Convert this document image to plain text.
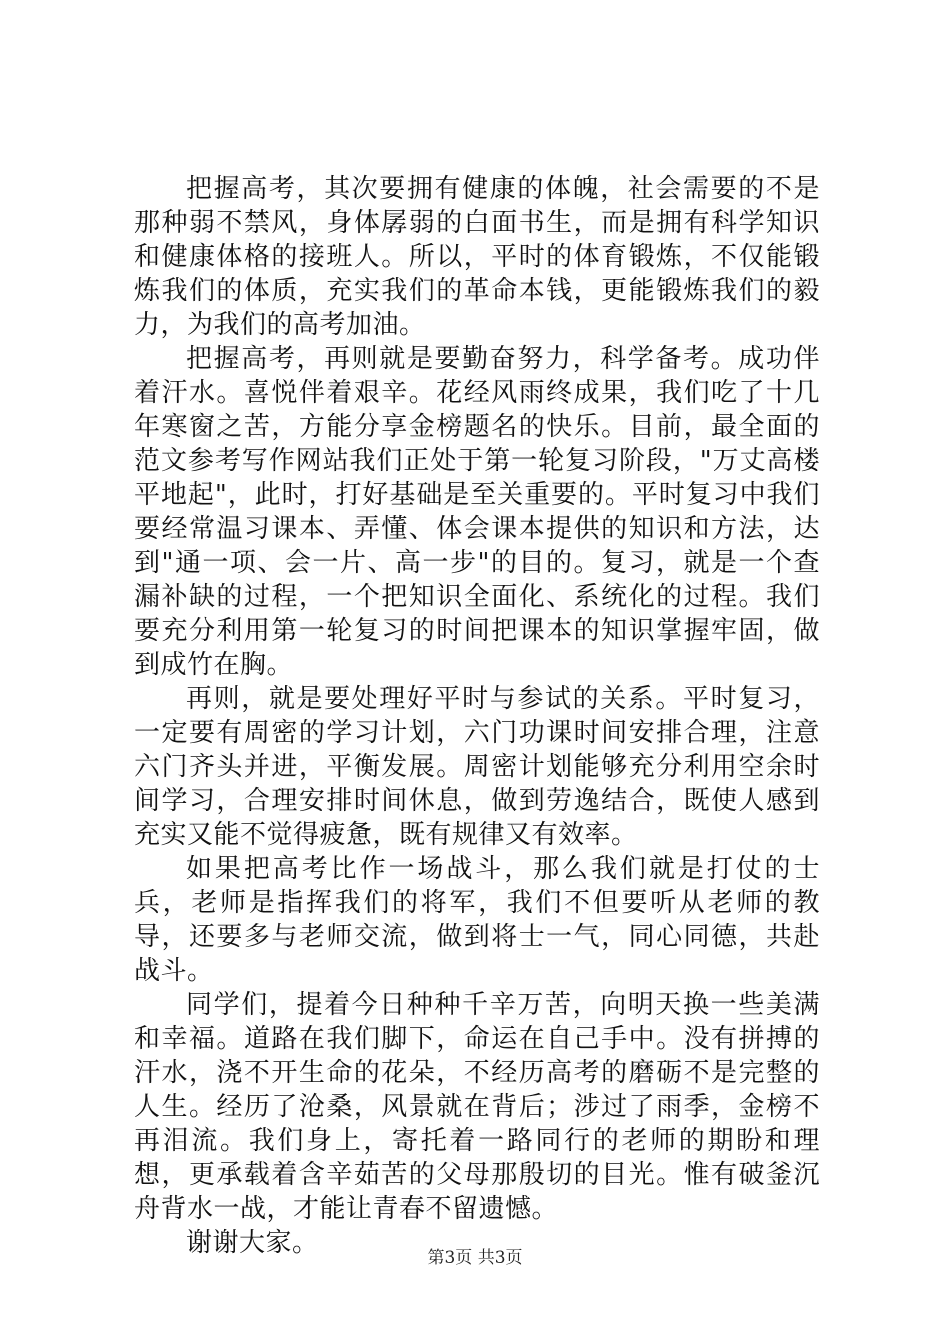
把握高考，其次要拥有健康的体魄，社会需要的不是那种弱不禁风，身体孱弱的白面书生，而是拥有科学知识和健康体格的接班人。所以，平时的体育锻炼，不仅能锻炼我们的体质，充实我们的革命本钱，更能锻炼我们的毅力，为我们的高考加油。

把握高考，再则就是要勤奋努力，科学备考。成功伴着汗水。喜悦伴着艰辛。花经风雨终成果，我们吃了十几年寒窗之苦，方能分享金榜题名的快乐。目前，最全面的范文参考写作网站我们正处于第一轮复习阶段，"万丈高楼平地起"，此时，打好基础是至关重要的。平时复习中我们要经常温习课本、弄懂、体会课本提供的知识和方法，达到"通一项、会一片、高一步"的目的。复习，就是一个查漏补缺的过程，一个把知识全面化、系统化的过程。我们要充分利用第一轮复习的时间把课本的知识掌握牢固，做到成竹在胸。

再则，就是要处理好平时与参试的关系。平时复习，一定要有周密的学习计划，六门功课时间安排合理，注意六门齐头并进，平衡发展。周密计划能够充分利用空余时间学习，合理安排时间休息，做到劳逸结合，既使人感到充实又能不觉得疲惫，既有规律又有效率。

如果把高考比作一场战斗，那么我们就是打仗的士兵，老师是指挥我们的将军，我们不但要听从老师的教导，还要多与老师交流，做到将士一气，同心同德，共赴战斗。

同学们，提着今日种种千辛万苦，向明天换一些美满和幸福。道路在我们脚下，命运在自己手中。没有拼搏的汗水，浇不开生命的花朵，不经历高考的磨砺不是完整的人生。经历了沧桑，风景就在背后；涉过了雨季，金榜不再泪流。我们身上，寄托着一路同行的老师的期盼和理想，更承载着含辛茹苦的父母那殷切的目光。惟有破釜沉舟背水一战，才能让青春不留遗憾。

谢谢大家。	第3页 共3页
